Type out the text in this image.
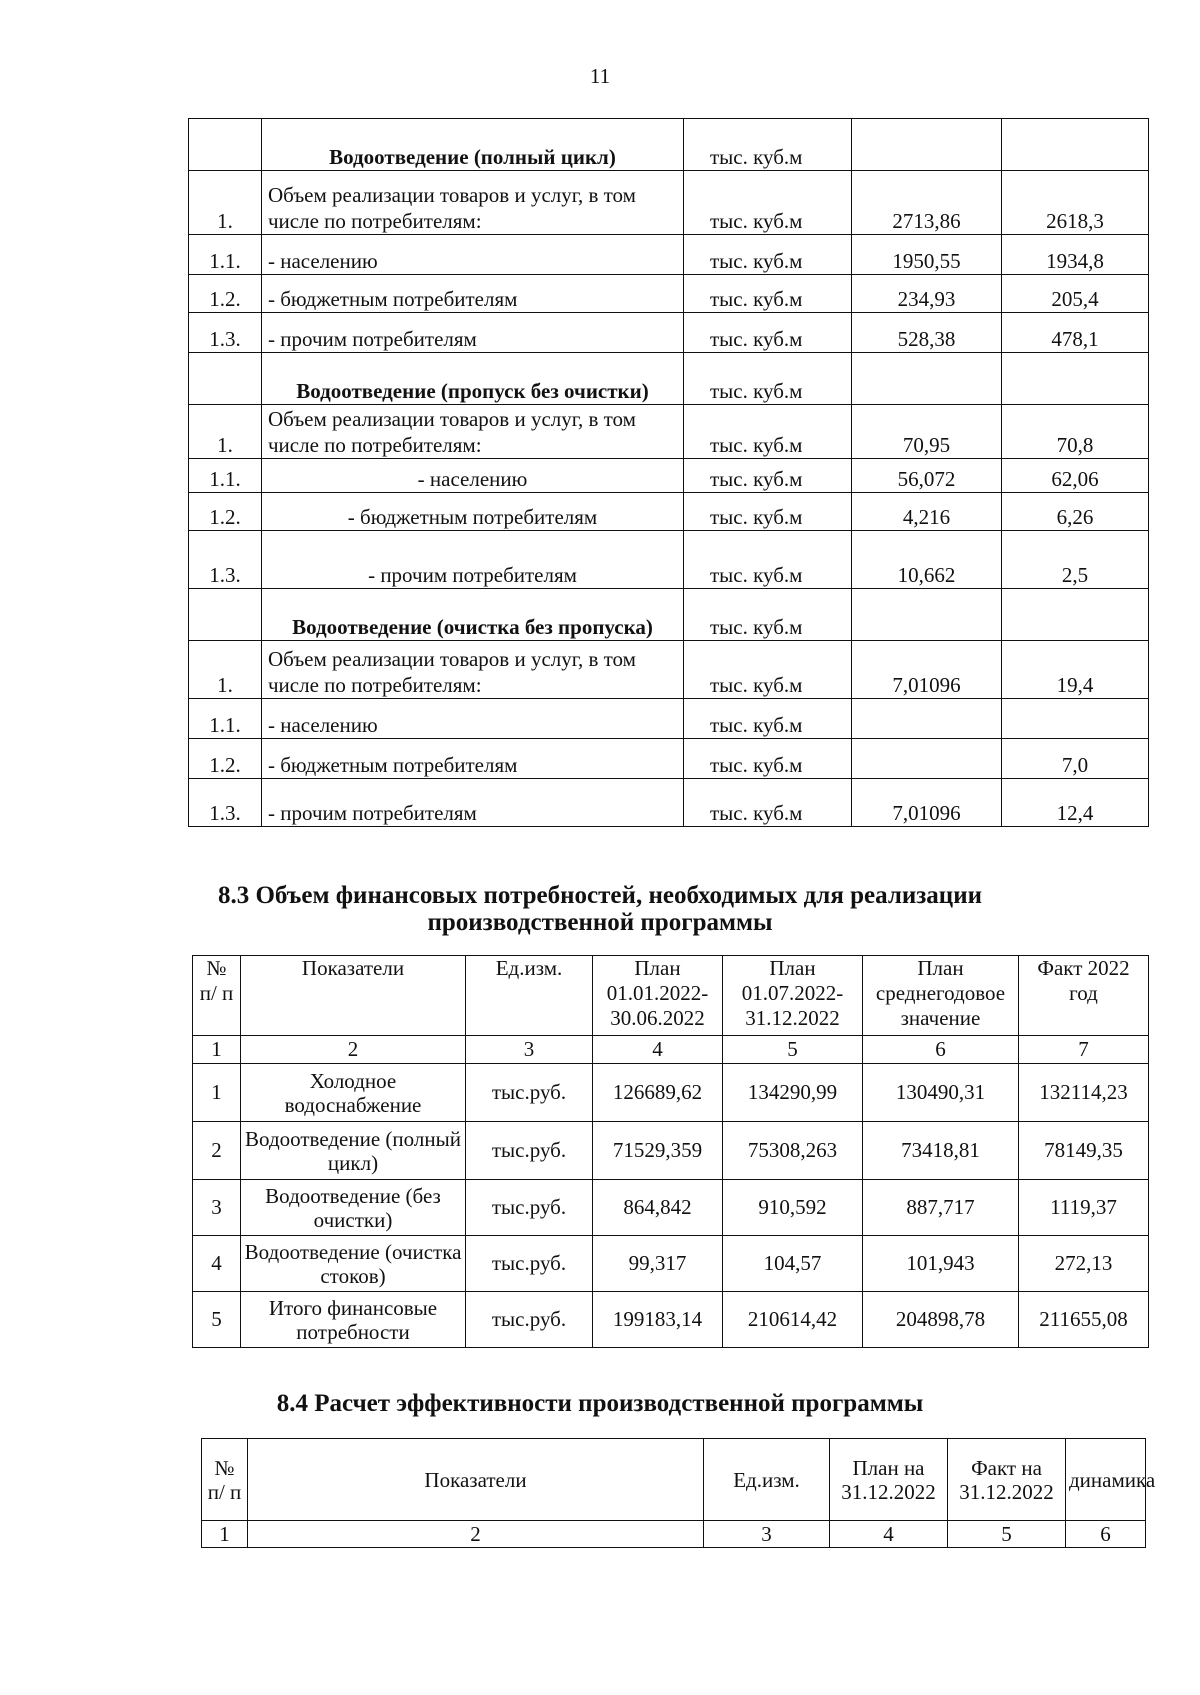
11
	Водоотведение (полный цикл)	тыс. куб.м		
1.	Объем реализации товаров и услуг, в том числе по потребителям:	тыс. куб.м	2713,86	2618,3
1.1.	- населению	тыс. куб.м	1950,55	1934,8
1.2.	- бюджетным потребителям	тыс. куб.м	234,93	205,4
1.3.	- прочим потребителям	тыс. куб.м	528,38	478,1
	Водоотведение (пропуск без очистки)	тыс. куб.м		
1.	Объем реализации товаров и услуг, в том числе по потребителям:	тыс. куб.м	70,95	70,8
1.1.	- населению	тыс. куб.м	56,072	62,06
1.2.	- бюджетным потребителям	тыс. куб.м	4,216	6,26
1.3.	- прочим потребителям	тыс. куб.м	10,662	2,5
	Водоотведение (очистка без пропуска)	тыс. куб.м		
1.	Объем реализации товаров и услуг, в том числе по потребителям:	тыс. куб.м	7,01096	19,4
1.1.	- населению	тыс. куб.м		
1.2.	- бюджетным потребителям	тыс. куб.м		7,0
1.3.	- прочим потребителям	тыс. куб.м	7,01096	12,4
8.3 Объем финансовых потребностей, необходимых для реализации производственной программы
№ п/ п	Показатели	Ед.изм.	План 01.01.2022- 30.06.2022	План 01.07.2022- 31.12.2022	План среднегодовое значение	Факт 2022 год
1	2	3	4	5	6	7
1	Холодное водоснабжение	тыс.руб.	126689,62	134290,99	130490,31	132114,23
2	Водоотведение (полный цикл)	тыс.руб.	71529,359	75308,263	73418,81	78149,35
3	Водоотведение (без очистки)	тыс.руб.	864,842	910,592	887,717	1119,37
4	Водоотведение (очистка стоков)	тыс.руб.	99,317	104,57	101,943	272,13
5	Итого финансовые потребности	тыс.руб.	199183,14	210614,42	204898,78	211655,08
8.4 Расчет эффективности производственной программы
№ п/ п	Показатели	Ед.изм.	План на 31.12.2022	Факт на 31.12.2022	динамика
1	2	3	4	5	6
